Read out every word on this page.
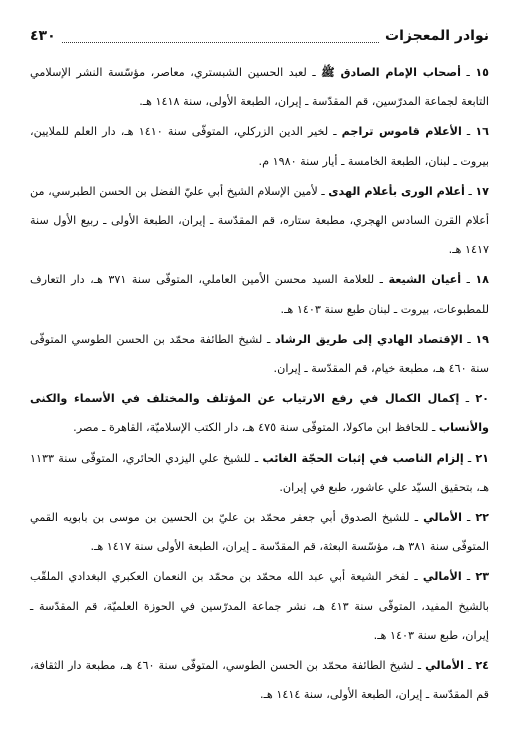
٤٣٠	نوادر المعجزات

١٥ ـ أصحاب الإمام الصادق ﷺ ـ لعبد الحسين الشبستري، معاصر، مؤسّسة النشر الإسلامي التابعة لجماعة المدرّسين، قم المقدّسة ـ إيران، الطبعة الأولى، سنة ١٤١٨ هـ.

١٦ ـ الأعلام قاموس تراجم ـ لخير الدين الزركلي، المتوفّى سنة ١٤١٠ هـ، دار العلم للملايين، بيروت ـ لبنان، الطبعة الخامسة ـ أيار سنة ١٩٨٠ م.

١٧ ـ أعلام الورى بأعلام الهدى ـ لأمين الإسلام الشيخ أبي عليّ الفضل بن الحسن الطبرسي، من أعلام القرن السادس الهجري، مطبعة ستاره، قم المقدّسة ـ إيران، الطبعة الأولى ـ ربيع الأول سنة ١٤١٧ هـ.

١٨ ـ أعيان الشيعة ـ للعلامة السيد محسن الأمين العاملي، المتوفّى سنة ٣٧١ هـ، دار التعارف للمطبوعات، بيروت ـ لبنان طبع سنة ١٤٠٣ هـ.

١٩ ـ الإقتصاد الهادي إلى طريق الرشاد ـ لشيخ الطائفة محمّد بن الحسن الطوسي المتوفّى سنة ٤٦٠ هـ، مطبعة خيام، قم المقدّسة ـ إيران.

٢٠ ـ إكمال الكمال في رفع الارتياب عن المؤتلف والمختلف في الأسماء والكنى والأنساب ـ للحافظ ابن ماكولا، المتوفّى سنة ٤٧٥ هـ، دار الكتب الإسلاميّة، القاهرة ـ مصر.

٢١ ـ إلزام الناصب في إثبات الحجّة الغائب ـ للشيخ علي اليزدي الحائري، المتوفّى سنة ١١٣٣ هـ، بتحقيق السيّد علي عاشور، طبع في إيران.

٢٢ ـ الأمالي ـ للشيخ الصدوق أبي جعفر محمّد بن عليّ بن الحسين بن موسى بن بابويه القمي المتوفّى سنة ٣٨١ هـ، مؤسّسة البعثة، قم المقدّسة ـ إيران، الطبعة الأولى سنة ١٤١٧ هـ.

٢٣ ـ الأمالي ـ لفخر الشيعة أبي عبد الله محمّد بن محمّد بن النعمان العكبري البغدادي الملقّب بالشيخ المفيد، المتوفّى سنة ٤١٣ هـ، نشر جماعة المدرّسين في الحوزة العلميّة، قم المقدّسة ـ إيران، طبع سنة ١٤٠٣ هـ.

٢٤ ـ الأمالي ـ لشيخ الطائفة محمّد بن الحسن الطوسي، المتوفّى سنة ٤٦٠ هـ، مطبعة دار الثقافة، قم المقدّسة ـ إيران، الطبعة الأولى، سنة ١٤١٤ هـ.
